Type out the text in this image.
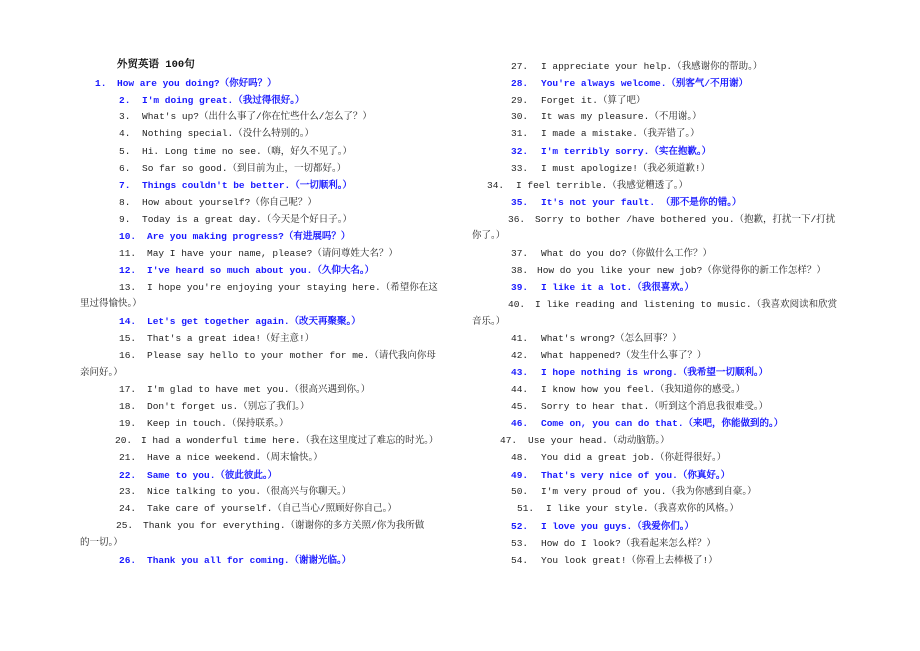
外贸英语 100句
1. How are you doing?（你好吗？）
2. I'm doing great.（我过得很好。）
3. What's up?（出什么事了/你在忙些什么/怎么了？）
4. Nothing special.（没什么特别的。）
5. Hi. Long time no see.（嗨，好久不见了。）
6. So far so good.（到目前为止，一切都好。）
7. Things couldn't be better.（一切顺利。）
8. How about yourself?（你自己呢？）
9. Today is a great day.（今天是个好日子。）
10. Are you making progress?（有进展吗？）
11. May I have your name, please?（请问尊姓大名？）
12. I've heard so much about you.（久仰大名。）
13. I hope you're enjoying your staying here.（希望你在这
里过得愉快。）
14. Let's get together again.（改天再聚聚。）
15. That's a great idea!（好主意!）
16. Please say hello to your mother for me.（请代我向你母
亲问好。）
17. I'm glad to have met you.（很高兴遇到你。）
18. Don't forget us.（别忘了我们。）
19. Keep in touch.（保持联系。）
20. I had a wonderful time here.（我在这里度过了难忘的时光。）
21. Have a nice weekend.（周末愉快。）
22. Same to you.（彼此彼此。）
23. Nice talking to you.（很高兴与你聊天。）
24. Take care of yourself.（自己当心/照顾好你自己。）
25. Thank you for everything.（谢谢你的多方关照/你为我所做
的一切。）
26. Thank you all for coming.（谢谢光临。）
27. I appreciate your help.（我感谢你的帮助。）
28. You're always welcome.（别客气/不用谢）
29. Forget it.（算了吧）
30. It was my pleasure.（不用谢。）
31. I made a mistake.（我弄错了。）
32. I'm terribly sorry.（实在抱歉。）
33. I must apologize!（我必须道歉!）
34. I feel terrible.（我感觉糟透了。）
35. It's not your fault. （那不是你的错。）
36. Sorry to bother /have bothered you.（抱歉，打扰一下/打扰
你了。）
37. What do you do?（你做什么工作？）
38. How do you like your new job?（你觉得你的新工作怎样？）
39. I like it a lot.（我很喜欢。）
40. I like reading and listening to music.（我喜欢阅读和欣赏
音乐。）
41. What's wrong?（怎么回事？）
42. What happened?（发生什么事了？）
43. I hope nothing is wrong.（我希望一切顺利。）
44. I know how you feel.（我知道你的感受。）
45. Sorry to hear that.（听到这个消息我很难受。）
46. Come on, you can do that.（来吧，你能做到的。）
47. Use your head.（动动脑筋。）
48. You did a great job.（你赶得很好。）
49. That's very nice of you.（你真好。）
50. I'm very proud of you.（我为你感到自豪。）
51. I like your style.（我喜欢你的风格。）
52. I love you guys.（我爱你们。）
53. How do I look?（我看起来怎么样？）
54. You look great!（你看上去棒极了!）
